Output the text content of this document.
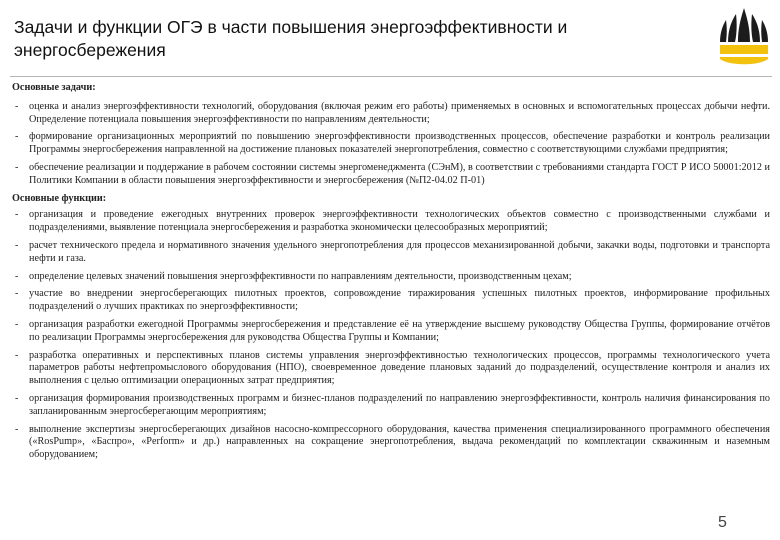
Задачи и функции ОГЭ в части повышения энергоэффективности и энергосбережения
Основные задачи:
- оценка и анализ энергоэффективности технологий, оборудования (включая режим его работы) применяемых в основных и вспомогательных процессах добычи нефти. Определение потенциала повышения энергоэффективности по направлениям деятельности;
- формирование организационных мероприятий по повышению энергоэффективности производственных процессов, обеспечение разработки и контроль реализации Программы энергосбережения направленной на достижение плановых показателей энергопотребления, совместно с соответствующими службами предприятия;
- обеспечение реализации и поддержание в рабочем состоянии системы энергоменеджмента (СЭнМ), в соответствии с требованиями стандарта ГОСТ Р ИСО 50001:2012 и Политики Компании в области повышения энергоэффективности и энергосбережения (№П2-04.02 П-01)
Основные функции:
- организация и проведение ежегодных внутренних проверок энергоэффективности технологических объектов совместно с производственными службами и подразделениями, выявление потенциала энергосбережения и разработка экономически целесообразных мероприятий;
- расчет технического предела и нормативного значения удельного энергопотребления для процессов механизированной добычи, закачки воды, подготовки и транспорта нефти и газа.
- определение целевых значений повышения энергоэффективности по направлениям деятельности, производственным цехам;
- участие во внедрении энергосберегающих пилотных проектов, сопровождение тиражирования успешных пилотных проектов, информирование профильных подразделений о лучших практиках по энергоэффективности;
- организация разработки ежегодной Программы энергосбережения и представление её на утверждение высшему руководству Общества Группы, формирование отчётов по реализации Программы энергосбережения для руководства Общества Группы и Компании;
- разработка оперативных и перспективных планов системы управления энергоэффективностью технологических процессов, программы технологического учета параметров работы нефтепромыслового оборудования (НПО), своевременное доведение плановых заданий до подразделений, осуществление контроля и анализ их выполнения с целью оптимизации операционных затрат предприятия;
- организация формирования производственных программ и бизнес-планов подразделений по направлению энергоэффективности, контроль наличия финансирования по запланированным энергосберегающим мероприятиям;
- выполнение экспертизы энергосберегающих дизайнов насосно-компрессорного оборудования, качества применения специализированного программного обеспечения («RosPump», «Баспро», «Perform» и др.) направленных на сокращение энергопотребления, выдача рекомендаций по комплектации скважинным и наземным оборудованием;
5
